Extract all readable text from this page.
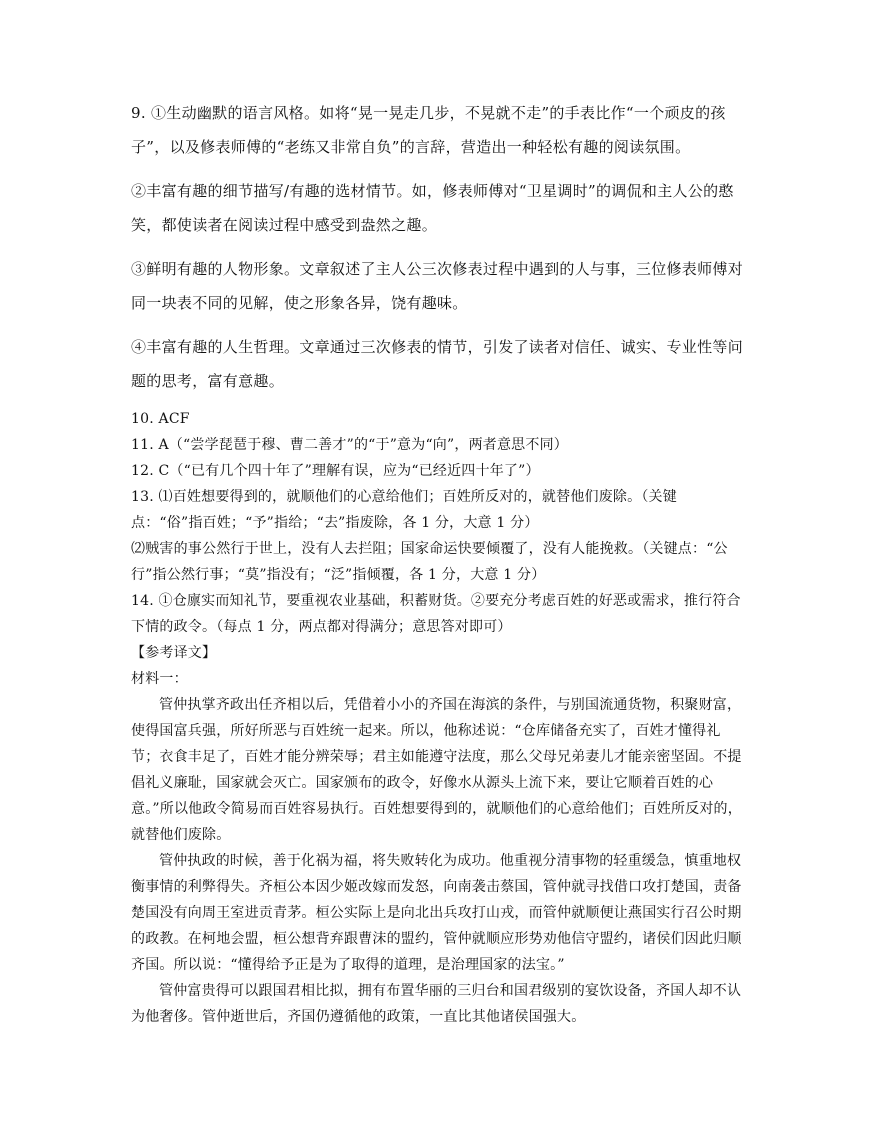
9. ①生动幽默的语言风格。如将“晃一晃走几步，不晃就不走”的手表比作“一个顽皮的孩子”，以及修表师傅的“老练又非常自负”的言辞，营造出一种轻松有趣的阅读氛围。

②丰富有趣的细节描写/有趣的选材情节。如，修表师傅对“卫星调时”的调侃和主人公的憨笑，都使读者在阅读过程中感受到盎然之趣。

③鲜明有趣的人物形象。文章叙述了主人公三次修表过程中遇到的人与事，三位修表师傅对同一块表不同的见解，使之形象各异，饶有趣味。

④丰富有趣的人生哲理。文章通过三次修表的情节，引发了读者对信任、诚实、专业性等问题的思考，富有意趣。

10. ACF

11. A（“尝学琵琶于穆、曹二善才”的“于”意为“向”，两者意思不同）

12. C（“已有几个四十年了”理解有误，应为“已经近四十年了”）

13. ⑴百姓想要得到的，就顺他们的心意给他们；百姓所反对的，就替他们废除。（关键点：“俗”指百姓；“予”指给；“去”指废除，各 1 分，大意 1 分）

⑵贼害的事公然行于世上，没有人去拦阻；国家命运快要倾覆了，没有人能挽救。（关键点：“公行”指公然行事；“莫”指没有；“泛”指倾覆，各 1 分，大意 1 分）

14. ①仓廪实而知礼节，要重视农业基础，积蓄财货。②要充分考虑百姓的好恶或需求，推行符合下情的政令。（每点 1 分，两点都对得满分；意思答对即可）

【参考译文】

材料一：

管仲执掌齐政出任齐相以后，凭借着小小的齐国在海滨的条件，与别国流通货物，积聚财富，使得国富兵强，所好所恶与百姓统一起来。所以，他称述说：“仓库储备充实了，百姓才懂得礼节；衣食丰足了，百姓才能分辨荣辱；君主如能遵守法度，那么父母兄弟妻儿才能亲密坚固。不提倡礼义廉耻，国家就会灭亡。国家颁布的政令，好像水从源头上流下来，要让它顺着百姓的心意。”所以他政令简易而百姓容易执行。百姓想要得到的，就顺他们的心意给他们；百姓所反对的，就替他们废除。

管仲执政的时候，善于化祸为福，将失败转化为成功。他重视分清事物的轻重缓急，慎重地权衡事情的利弊得失。齐桓公本因少姬改嫁而发怒，向南袭击蔡国，管仲就寻找借口攻打楚国，责备楚国没有向周王室进贡青茅。桓公实际上是向北出兵攻打山戎，而管仲就顺便让燕国实行召公时期的政教。在柯地会盟，桓公想背弃跟曹沫的盟约，管仲就顺应形势劝他信守盟约，诸侯们因此归顺齐国。所以说：“懂得给予正是为了取得的道理，是治理国家的法宝。”

管仲富贵得可以跟国君相比拟，拥有布置华丽的三归台和国君级别的宴饮设备，齐国人却不认为他奢侈。管仲逝世后，齐国仍遵循他的政策，一直比其他诸侯国强大。
